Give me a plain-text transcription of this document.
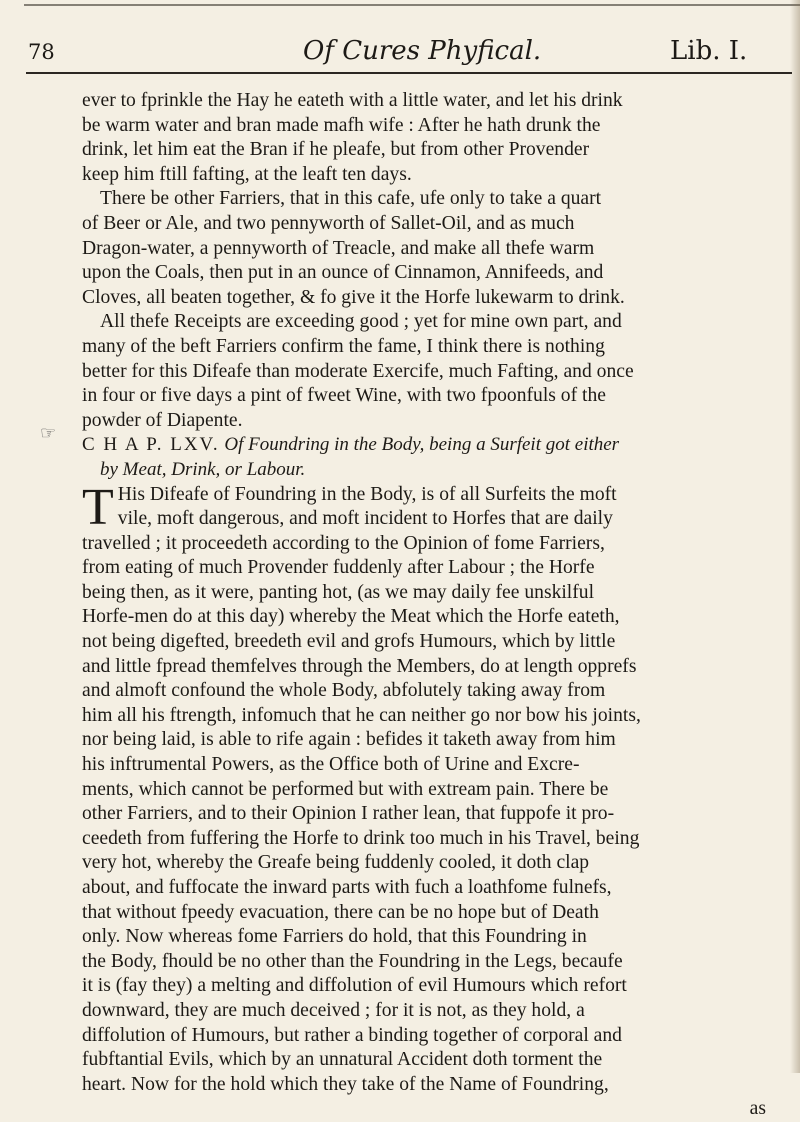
78	Of Cures Phyfical.	Lib. I.
☞
ever to fprinkle the Hay he eateth with a little water, and let his drink
be warm water and bran made mafh wife : After he hath drunk the
drink, let him eat the Bran if he pleafe, but from other Provender
keep him ftill fafting, at the leaft ten days.
There be other Farriers, that in this cafe, ufe only to take a quart
of Beer or Ale, and two pennyworth of Sallet-Oil, and as much
Dragon-water, a pennyworth of Treacle, and make all thefe warm
upon the Coals, then put in an ounce of Cinnamon, Annifeeds, and
Cloves, all beaten together, & fo give it the Horfe lukewarm to drink.
All thefe Receipts are exceeding good ; yet for mine own part, and
many of the beft Farriers confirm the fame, I think there is nothing
better for this Difeafe than moderate Exercife, much Fafting, and once
in four or five days a pint of fweet Wine, with two fpoonfuls of the
powder of Diapente.
C H A P. LXV. Of Foundring in the Body, being a Surfeit got either
by Meat, Drink, or Labour.
T His Difeafe of Foundring in the Body, is of all Surfeits the moft
vile, moft dangerous, and moft incident to Horfes that are daily
travelled ; it proceedeth according to the Opinion of fome Farriers,
from eating of much Provender fuddenly after Labour ; the Horfe
being then, as it were, panting hot, (as we may daily fee unskilful
Horfe-men do at this day) whereby the Meat which the Horfe eateth,
not being digefted, breedeth evil and grofs Humours, which by little
and little fpread themfelves through the Members, do at length opprefs
and almoft confound the whole Body, abfolutely taking away from
him all his ftrength, infomuch that he can neither go nor bow his joints,
nor being laid, is able to rife again : befides it taketh away from him
his inftrumental Powers, as the Office both of Urine and Excre-
ments, which cannot be performed but with extream pain. There be
other Farriers, and to their Opinion I rather lean, that fuppofe it pro-
ceedeth from fuffering the Horfe to drink too much in his Travel, being
very hot, whereby the Greafe being fuddenly cooled, it doth clap
about, and fuffocate the inward parts with fuch a loathfome fulnefs,
that without fpeedy evacuation, there can be no hope but of Death
only. Now whereas fome Farriers do hold, that this Foundring in
the Body, fhould be no other than the Foundring in the Legs, becaufe
it is (fay they) a melting and diffolution of evil Humours which refort
downward, they are much deceived ; for it is not, as they hold, a
diffolution of Humours, but rather a binding together of corporal and
fubftantial Evils, which by an unnatural Accident doth torment the
heart. Now for the hold which they take of the Name of Foundring,
as
